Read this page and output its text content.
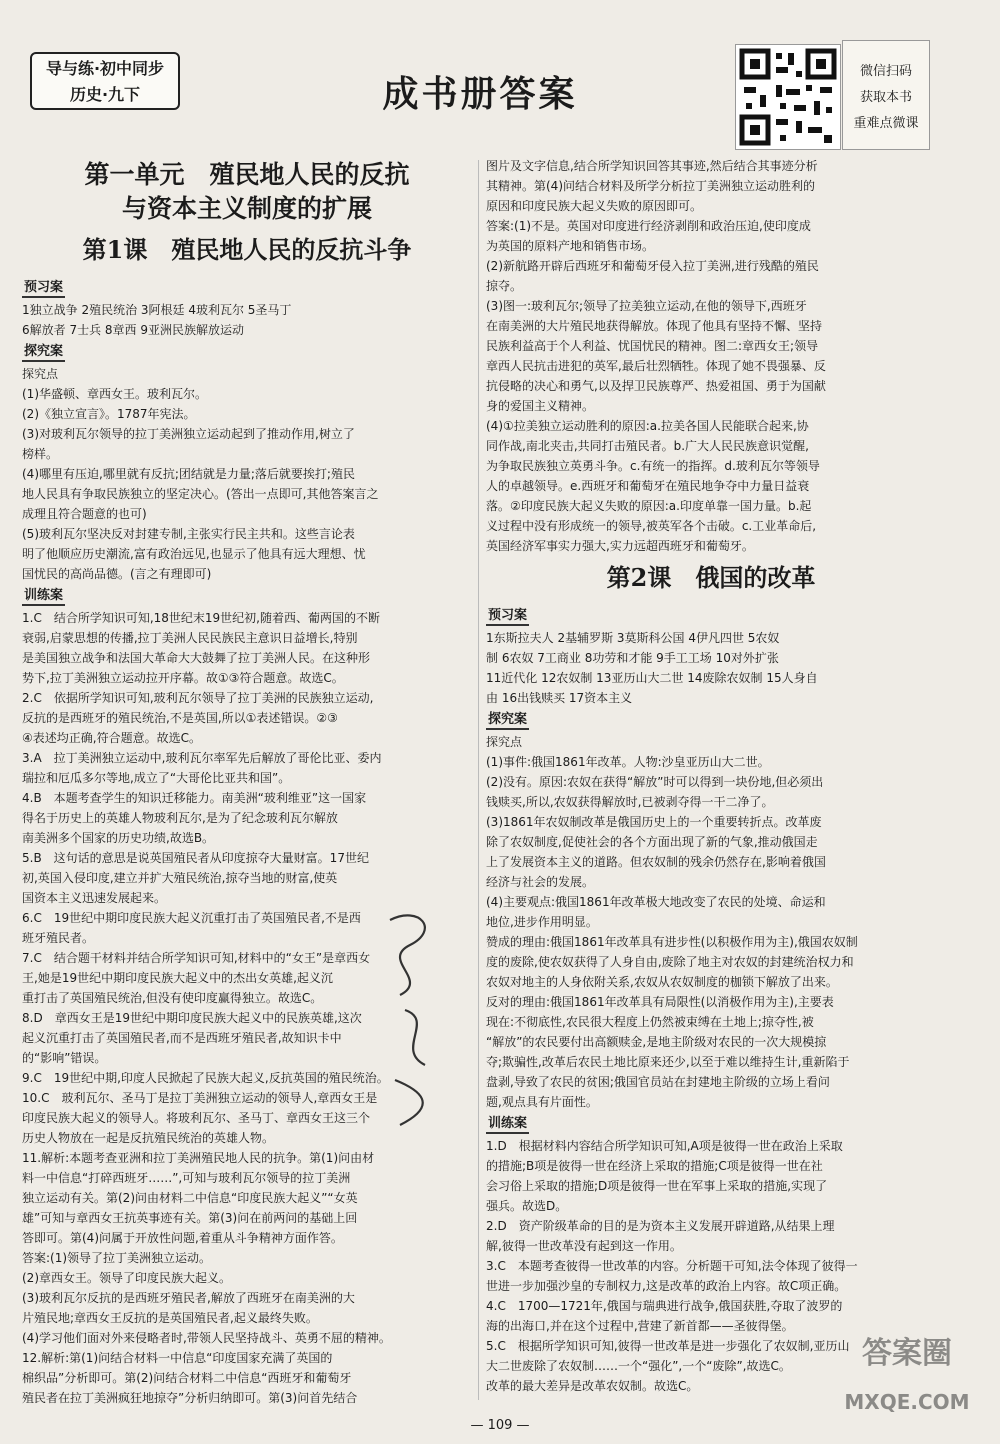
导与练·初中同步
历史·九下	成书册答案
微信扫码
获取本书
重难点微课
第一单元　殖民地人民的反抗
与资本主义制度的扩展
第1课　殖民地人民的反抗斗争
预习案
1独立战争 2殖民统治 3阿根廷 4玻利瓦尔 5圣马丁
6解放者 7士兵 8章西 9亚洲民族解放运动
探究案
探究点
(1)华盛顿、章西女王。玻利瓦尔。
(2)《独立宣言》。1787年宪法。
(3)对玻利瓦尔领导的拉丁美洲独立运动起到了推动作用,树立了
榜样。
(4)哪里有压迫,哪里就有反抗;团结就是力量;落后就要挨打;殖民
地人民具有争取民族独立的坚定决心。(答出一点即可,其他答案言之
成理且符合题意的也可)
(5)玻利瓦尔坚决反对封建专制,主张实行民主共和。这些言论表
明了他顺应历史潮流,富有政治远见,也显示了他具有远大理想、忧
国忧民的高尚品德。(言之有理即可)
训练案
1.C　结合所学知识可知,18世纪末19世纪初,随着西、葡两国的不断
衰弱,启蒙思想的传播,拉丁美洲人民民族民主意识日益增长,特别
是美国独立战争和法国大革命大大鼓舞了拉丁美洲人民。在这种形
势下,拉丁美洲独立运动拉开序幕。故①③符合题意。故选C。
2.C　依据所学知识可知,玻利瓦尔领导了拉丁美洲的民族独立运动,
反抗的是西班牙的殖民统治,不是英国,所以①表述错误。②③
④表述均正确,符合题意。故选C。
3.A　拉丁美洲独立运动中,玻利瓦尔率军先后解放了哥伦比亚、委内
瑞拉和厄瓜多尔等地,成立了“大哥伦比亚共和国”。
4.B　本题考查学生的知识迁移能力。南美洲“玻利维亚”这一国家
得名于历史上的英雄人物玻利瓦尔,是为了纪念玻利瓦尔解放
南美洲多个国家的历史功绩,故选B。
5.B　这句话的意思是说英国殖民者从印度掠夺大量财富。17世纪
初,英国入侵印度,建立并扩大殖民统治,掠夺当地的财富,使英
国资本主义迅速发展起来。
6.C　19世纪中期印度民族大起义沉重打击了英国殖民者,不是西
班牙殖民者。
7.C　结合题干材料并结合所学知识可知,材料中的“女王”是章西女
王,她是19世纪中期印度民族大起义中的杰出女英雄,起义沉
重打击了英国殖民统治,但没有使印度赢得独立。故选C。
8.D　章西女王是19世纪中期印度民族大起义中的民族英雄,这次
起义沉重打击了英国殖民者,而不是西班牙殖民者,故知识卡中
的“影响”错误。
9.C　19世纪中期,印度人民掀起了民族大起义,反抗英国的殖民统治。
10.C　玻利瓦尔、圣马丁是拉丁美洲独立运动的领导人,章西女王是
印度民族大起义的领导人。将玻利瓦尔、圣马丁、章西女王这三个
历史人物放在一起是反抗殖民统治的英雄人物。
11.解析:本题考查亚洲和拉丁美洲殖民地人民的抗争。第(1)问由材
料一中信息“打碎西班牙……”,可知与玻利瓦尔领导的拉丁美洲
独立运动有关。第(2)问由材料二中信息“印度民族大起义”“女英
雄”可知与章西女王抗英事迹有关。第(3)问在前两问的基础上回
答即可。第(4)问属于开放性问题,着重从斗争精神方面作答。
答案:(1)领导了拉丁美洲独立运动。
(2)章西女王。领导了印度民族大起义。
(3)玻利瓦尔反抗的是西班牙殖民者,解放了西班牙在南美洲的大
片殖民地;章西女王反抗的是英国殖民者,起义最终失败。
(4)学习他们面对外来侵略者时,带领人民坚持战斗、英勇不屈的精神。
12.解析:第(1)问结合材料一中信息“印度国家充满了英国的
棉织品”分析即可。第(2)问结合材料二中信息“西班牙和葡萄牙
殖民者在拉丁美洲疯狂地掠夺”分析归纳即可。第(3)问首先结合
图片及文字信息,结合所学知识回答其事迹,然后结合其事迹分析
其精神。第(4)问结合材料及所学分析拉丁美洲独立运动胜利的
原因和印度民族大起义失败的原因即可。
答案:(1)不是。英国对印度进行经济剥削和政治压迫,使印度成
为英国的原料产地和销售市场。
(2)新航路开辟后西班牙和葡萄牙侵入拉丁美洲,进行残酷的殖民
掠夺。
(3)图一:玻利瓦尔;领导了拉美独立运动,在他的领导下,西班牙
在南美洲的大片殖民地获得解放。体现了他具有坚持不懈、坚持
民族利益高于个人利益、忧国忧民的精神。图二:章西女王;领导
章西人民抗击进犯的英军,最后壮烈牺牲。体现了她不畏强暴、反
抗侵略的决心和勇气,以及捍卫民族尊严、热爱祖国、勇于为国献
身的爱国主义精神。
(4)①拉美独立运动胜利的原因:a.拉美各国人民能联合起来,协
同作战,南北夹击,共同打击殖民者。b.广大人民民族意识觉醒,
为争取民族独立英勇斗争。c.有统一的指挥。d.玻利瓦尔等领导
人的卓越领导。e.西班牙和葡萄牙在殖民地争夺中力量日益衰
落。②印度民族大起义失败的原因:a.印度单靠一国力量。b.起
义过程中没有形成统一的领导,被英军各个击破。c.工业革命后,
英国经济军事实力强大,实力远超西班牙和葡萄牙。
第2课　俄国的改革
预习案
1东斯拉夫人 2基辅罗斯 3莫斯科公国 4伊凡四世 5农奴
制 6农奴 7工商业 8功劳和才能 9手工工场 10对外扩张
11近代化 12农奴制 13亚历山大二世 14废除农奴制 15人身自
由 16出钱赎买 17资本主义
探究案
探究点
(1)事件:俄国1861年改革。人物:沙皇亚历山大二世。
(2)没有。原因:农奴在获得“解放”时可以得到一块份地,但必须出
钱赎买,所以,农奴获得解放时,已被剥夺得一干二净了。
(3)1861年农奴制改革是俄国历史上的一个重要转折点。改革废
除了农奴制度,促使社会的各个方面出现了新的气象,推动俄国走
上了发展资本主义的道路。但农奴制的残余仍然存在,影响着俄国
经济与社会的发展。
(4)主要观点:俄国1861年改革极大地改变了农民的处境、命运和
地位,进步作用明显。
赞成的理由:俄国1861年改革具有进步性(以积极作用为主),俄国农奴制
度的废除,使农奴获得了人身自由,废除了地主对农奴的封建统治权力和
农奴对地主的人身依附关系,农奴从农奴制度的枷锁下解放了出来。
反对的理由:俄国1861年改革具有局限性(以消极作用为主),主要表
现在:不彻底性,农民很大程度上仍然被束缚在土地上;掠夺性,被
“解放”的农民要付出高额赎金,是地主阶级对农民的一次大规模掠
夺;欺骗性,改革后农民土地比原来还少,以至于难以维持生计,重新陷于
盘剥,导致了农民的贫困;俄国官员站在封建地主阶级的立场上看问
题,观点具有片面性。
训练案
1.D　根据材料内容结合所学知识可知,A项是彼得一世在政治上采取
的措施;B项是彼得一世在经济上采取的措施;C项是彼得一世在社
会习俗上采取的措施;D项是彼得一世在军事上采取的措施,实现了
强兵。故选D。
2.D　资产阶级革命的目的是为资本主义发展开辟道路,从结果上理
解,彼得一世改革没有起到这一作用。
3.C　本题考查彼得一世改革的内容。分析题干可知,法令体现了彼得一
世进一步加强沙皇的专制权力,这是改革的政治上内容。故C项正确。
4.C　1700—1721年,俄国与瑞典进行战争,俄国获胜,夺取了波罗的
海的出海口,并在这个过程中,营建了新首都——圣彼得堡。
5.C　根据所学知识可知,彼得一世改革是进一步强化了农奴制,亚历山
大二世废除了农奴制……一个“强化”,一个“废除”,故选C。
改革的最大差异是改革农奴制。故选C。
答案圈
MXQE.COM
— 109 —
